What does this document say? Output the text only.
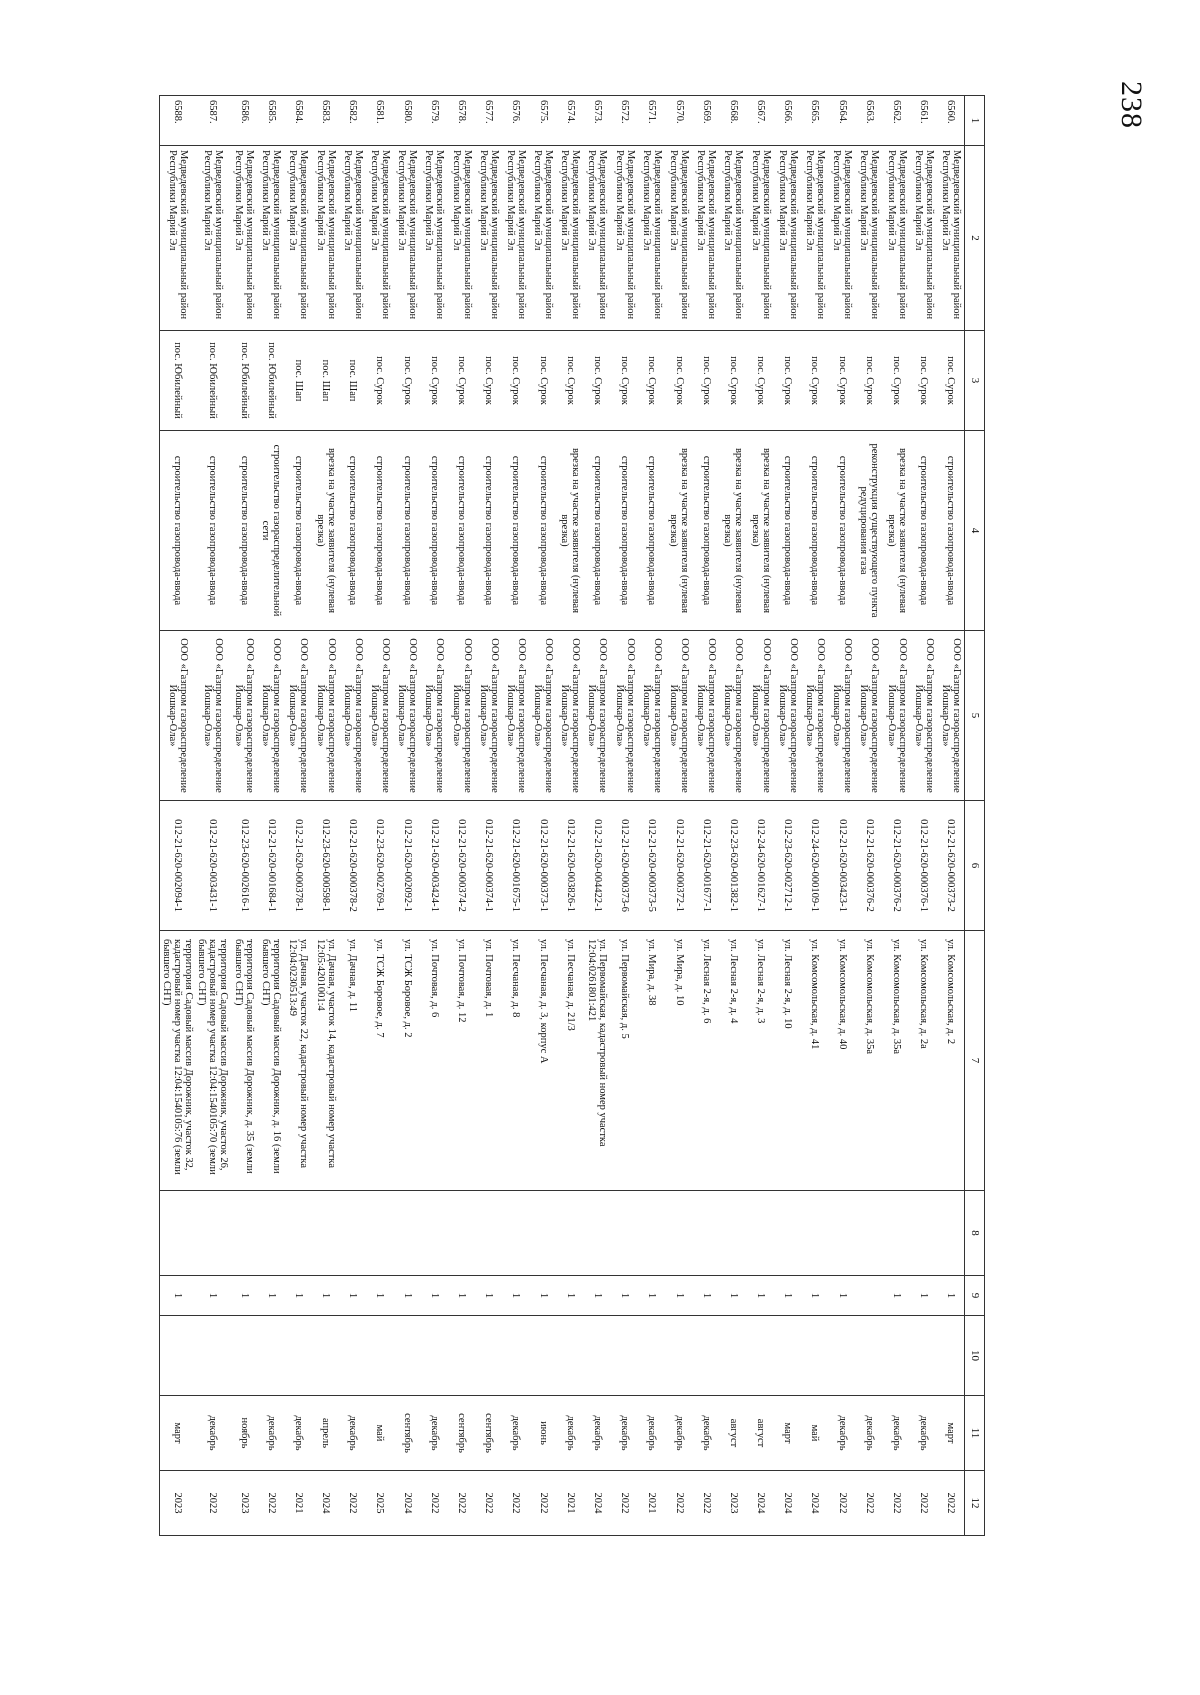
238
1	2	3	4	5	6	7	8	9	10	11	12
6560.	Медведевский муниципальный район Республики Марий Эл	пос. Сурок	строительство газопровода-ввода	ООО «Газпром газораспределение Йошкар-Ола»	012-21-620-000373-2	ул. Комсомольская, д. 2		1		март	2022
6561.	Медведевский муниципальный район Республики Марий Эл	пос. Сурок	строительство газопровода-ввода	ООО «Газпром газораспределение Йошкар-Ола»	012-21-620-000376-1	ул. Комсомольская, д. 2а		1		декабрь	2022
6562.	Медведевский муниципальный район Республики Марий Эл	пос. Сурок	врезка на участке заявителя (нулевая врезка)	ООО «Газпром газораспределение Йошкар-Ола»	012-21-620-000376-2	ул. Комсомольская, д. 35а		1		декабрь	2022
6563.	Медведевский муниципальный район Республики Марий Эл	пос. Сурок	реконструкция существующего пункта редуцирования газа	ООО «Газпром газораспределение Йошкар-Ола»	012-21-620-000376-2	ул. Комсомольская, д. 35а				декабрь	2022
6564.	Медведевский муниципальный район Республики Марий Эл	пос. Сурок	строительство газопровода-ввода	ООО «Газпром газораспределение Йошкар-Ола»	012-21-620-003423-1	ул. Комсомольская, д. 40		1		декабрь	2022
6565.	Медведевский муниципальный район Республики Марий Эл	пос. Сурок	строительство газопровода-ввода	ООО «Газпром газораспределение Йошкар-Ола»	012-24-620-000109-1	ул. Комсомольская, д. 41		1		май	2024
6566.	Медведевский муниципальный район Республики Марий Эл	пос. Сурок	строительство газопровода-ввода	ООО «Газпром газораспределение Йошкар-Ола»	012-23-620-002712-1	ул. Лесная 2-я, д. 10		1		март	2024
6567.	Медведевский муниципальный район Республики Марий Эл	пос. Сурок	врезка на участке заявителя (нулевая врезка)	ООО «Газпром газораспределение Йошкар-Ола»	012-24-620-001627-1	ул. Лесная 2-я, д. 3		1		август	2024
6568.	Медведевский муниципальный район Республики Марий Эл	пос. Сурок	врезка на участке заявителя (нулевая врезка)	ООО «Газпром газораспределение Йошкар-Ола»	012-23-620-001382-1	ул. Лесная 2-я, д. 4		1		август	2023
6569.	Медведевский муниципальный район Республики Марий Эл	пос. Сурок	строительство газопровода-ввода	ООО «Газпром газораспределение Йошкар-Ола»	012-21-620-001677-1	ул. Лесная 2-я, д. 6		1		декабрь	2022
6570.	Медведевский муниципальный район Республики Марий Эл	пос. Сурок	врезка на участке заявителя (нулевая врезка)	ООО «Газпром газораспределение Йошкар-Ола»	012-21-620-000372-1	ул. Мира, д. 10		1		декабрь	2022
6571.	Медведевский муниципальный район Республики Марий Эл	пос. Сурок	строительство газопровода-ввода	ООО «Газпром газораспределение Йошкар-Ола»	012-21-620-000373-5	ул. Мира, д. 38		1		декабрь	2021
6572.	Медведевский муниципальный район Республики Марий Эл	пос. Сурок	строительство газопровода-ввода	ООО «Газпром газораспределение Йошкар-Ола»	012-21-620-000373-6	ул. Первомайская, д. 5		1		декабрь	2022
6573.	Медведевский муниципальный район Республики Марий Эл	пос. Сурок	строительство газопровода-ввода	ООО «Газпром газораспределение Йошкар-Ола»	012-21-620-004422-1	ул. Первомайская, кадастровый номер участка 12:04:0261801:421		1		декабрь	2024
6574.	Медведевский муниципальный район Республики Марий Эл	пос. Сурок	врезка на участке заявителя (нулевая врезка)	ООО «Газпром газораспределение Йошкар-Ола»	012-21-620-003826-1	ул. Песчаная, д. 21/3		1		декабрь	2021
6575.	Медведевский муниципальный район Республики Марий Эл	пос. Сурок	строительство газопровода-ввода	ООО «Газпром газораспределение Йошкар-Ола»	012-21-620-000373-1	ул. Песчаная, д. 3, корпус А		1		июнь	2022
6576.	Медведевский муниципальный район Республики Марий Эл	пос. Сурок	строительство газопровода-ввода	ООО «Газпром газораспределение Йошкар-Ола»	012-21-620-001675-1	ул. Песчаная, д. 8		1		декабрь	2022
6577.	Медведевский муниципальный район Республики Марий Эл	пос. Сурок	строительство газопровода-ввода	ООО «Газпром газораспределение Йошкар-Ола»	012-21-620-000374-1	ул. Почтовая, д. 1		1		сентябрь	2022
6578.	Медведевский муниципальный район Республики Марий Эл	пос. Сурок	строительство газопровода-ввода	ООО «Газпром газораспределение Йошкар-Ола»	012-21-620-000374-2	ул. Почтовая, д. 12		1		сентябрь	2022
6579.	Медведевский муниципальный район Республики Марий Эл	пос. Сурок	строительство газопровода-ввода	ООО «Газпром газораспределение Йошкар-Ола»	012-21-620-003424-1	ул. Почтовая, д. 6		1		декабрь	2022
6580.	Медведевский муниципальный район Республики Марий Эл	пос. Сурок	строительство газопровода-ввода	ООО «Газпром газораспределение Йошкар-Ола»	012-21-620-002092-1	ул. ТСЖ Боровое, д. 2		1		сентябрь	2024
6581.	Медведевский муниципальный район Республики Марий Эл	пос. Сурок	строительство газопровода-ввода	ООО «Газпром газораспределение Йошкар-Ола»	012-23-620-002769-1	ул. ТСЖ Боровое, д. 7		1		май	2025
6582.	Медведевский муниципальный район Республики Марий Эл	пос. Шап	строительство газопровода-ввода	ООО «Газпром газораспределение Йошкар-Ола»	012-21-620-000378-2	ул. Дачная, д. 11		1		декабрь	2022
6583.	Медведевский муниципальный район Республики Марий Эл	пос. Шап	врезка на участке заявителя (нулевая врезка)	ООО «Газпром газораспределение Йошкар-Ола»	012-23-620-000598-1	ул. Дачная, участок 14, кадастровый номер участка 12:05:4201001:4		1		апрель	2024
6584.	Медведевский муниципальный район Республики Марий Эл	пос. Шап	строительство газопровода-ввода	ООО «Газпром газораспределение Йошкар-Ола»	012-21-620-000378-1	ул. Дачная, участок 22, кадастровый номер участка 12:04:0230513:49		1		декабрь	2021
6585.	Медведевский муниципальный район Республики Марий Эл	пос. Юбилейный	строительство газораспределительной сети	ООО «Газпром газораспределение Йошкар-Ола»	012-21-620-001684-1	территория Садовый массив Дорожник, д. 16 (земли бывшего СНТ)		1		декабрь	2022
6586.	Медведевский муниципальный район Республики Марий Эл	пос. Юбилейный	строительство газопровода-ввода	ООО «Газпром газораспределение Йошкар-Ола»	012-23-620-002616-1	территория Садовый массив Дорожник, д. 35 (земли бывшего СНТ)		1		ноябрь	2023
6587.	Медведевский муниципальный район Республики Марий Эл	пос. Юбилейный	строительство газопровода-ввода	ООО «Газпром газораспределение Йошкар-Ола»	012-21-620-003431-1	территория Садовый массив Дорожник, участок 26, кадастровый номер участка 12:04:1540105:70 (земли бывшего СНТ)		1		декабрь	2022
6588.	Медведевский муниципальный район Республики Марий Эл	пос. Юбилейный	строительство газопровода-ввода	ООО «Газпром газораспределение Йошкар-Ола»	012-21-620-002094-1	территория Садовый массив Дорожник, участок 32, кадастровый номер участка 12:04:1540105:76 (земли бывшего СНТ)		1		март	2023
